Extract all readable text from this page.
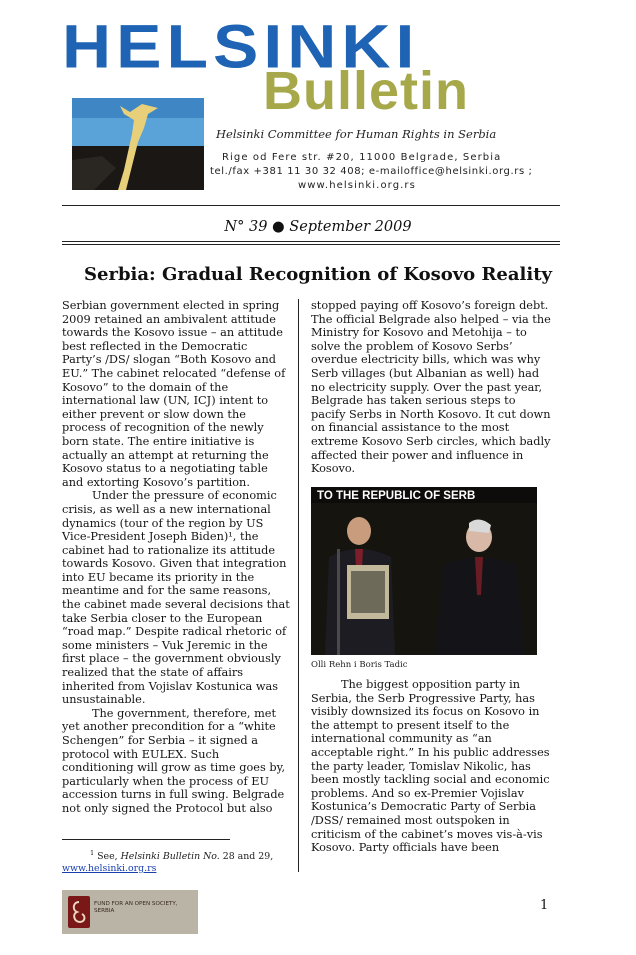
HELSINKI
Bulletin
Helsinki Committee for Human Rights in Serbia
Rige od Fere str. #20, 11000 Belgrade, Serbia
tel./fax +381 11 30 32 408; e-mailoffice@helsinki.org.rs ;
www.helsinki.org.rs
N° 39 ● September 2009
Serbia: Gradual Recognition of Kosovo Reality

Serbian government elected in spring 2009 retained an ambivalent attitude towards the Kosovo issue – an attitude best reflected in the Democratic Party’s /DS/ slogan “Both Kosovo and EU.” The cabinet relocated “defense of Kosovo” to the domain of the international law (UN, ICJ) intent to either prevent or slow down the process of recognition of the newly born state. The entire initiative is actually an attempt at returning the Kosovo status to a negotiating table and extorting Kosovo’s partition.

Under the pressure of economic crisis, as well as a new international dynamics (tour of the region by US Vice-President Joseph Biden)¹, the cabinet had to rationalize its attitude towards Kosovo. Given that integration into EU became its priority in the meantime and for the same reasons, the cabinet made several decisions that take Serbia closer to the European “road map.” Despite radical rhetoric of some ministers – Vuk Jeremic in the first place – the government obviously realized that the state of affairs inherited from Vojislav Kostunica was unsustainable.

The government, therefore, met yet another precondition for a “white Schengen” for Serbia – it signed a protocol with EULEX. Such conditioning will grow as time goes by, particularly when the process of EU accession turns in full swing. Belgrade not only signed the Protocol but also

stopped paying off Kosovo’s foreign debt. The official Belgrade also helped – via the Ministry for Kosovo and Metohija – to solve the problem of Kosovo Serbs’ overdue electricity bills, which was why Serb villages (but Albanian as well) had no electricity supply. Over the past year, Belgrade has taken serious steps to pacify Serbs in North Kosovo. It cut down on financial assistance to the most extreme Kosovo Serb circles, which badly affected their power and influence in Kosovo.

TO THE REPUBLIC OF SERB
Olli Rehn i Boris Tadic

The biggest opposition party in Serbia, the Serb Progressive Party, has visibly downsized its focus on Kosovo in the attempt to present itself to the international community as “an acceptable right.” In his public addresses the party leader, Tomislav Nikolic, has been mostly tackling social and economic problems. And so ex-Premier Vojislav Kostunica’s Democratic Party of Serbia /DSS/ remained most outspoken in criticism of the cabinet’s moves vis-à-vis Kosovo. Party officials have been

$^1$ See, Helsinki Bulletin No. 28 and 29,
www.helsinki.org.rs
FUND FOR AN OPEN SOCIETY, SERBIA	1
